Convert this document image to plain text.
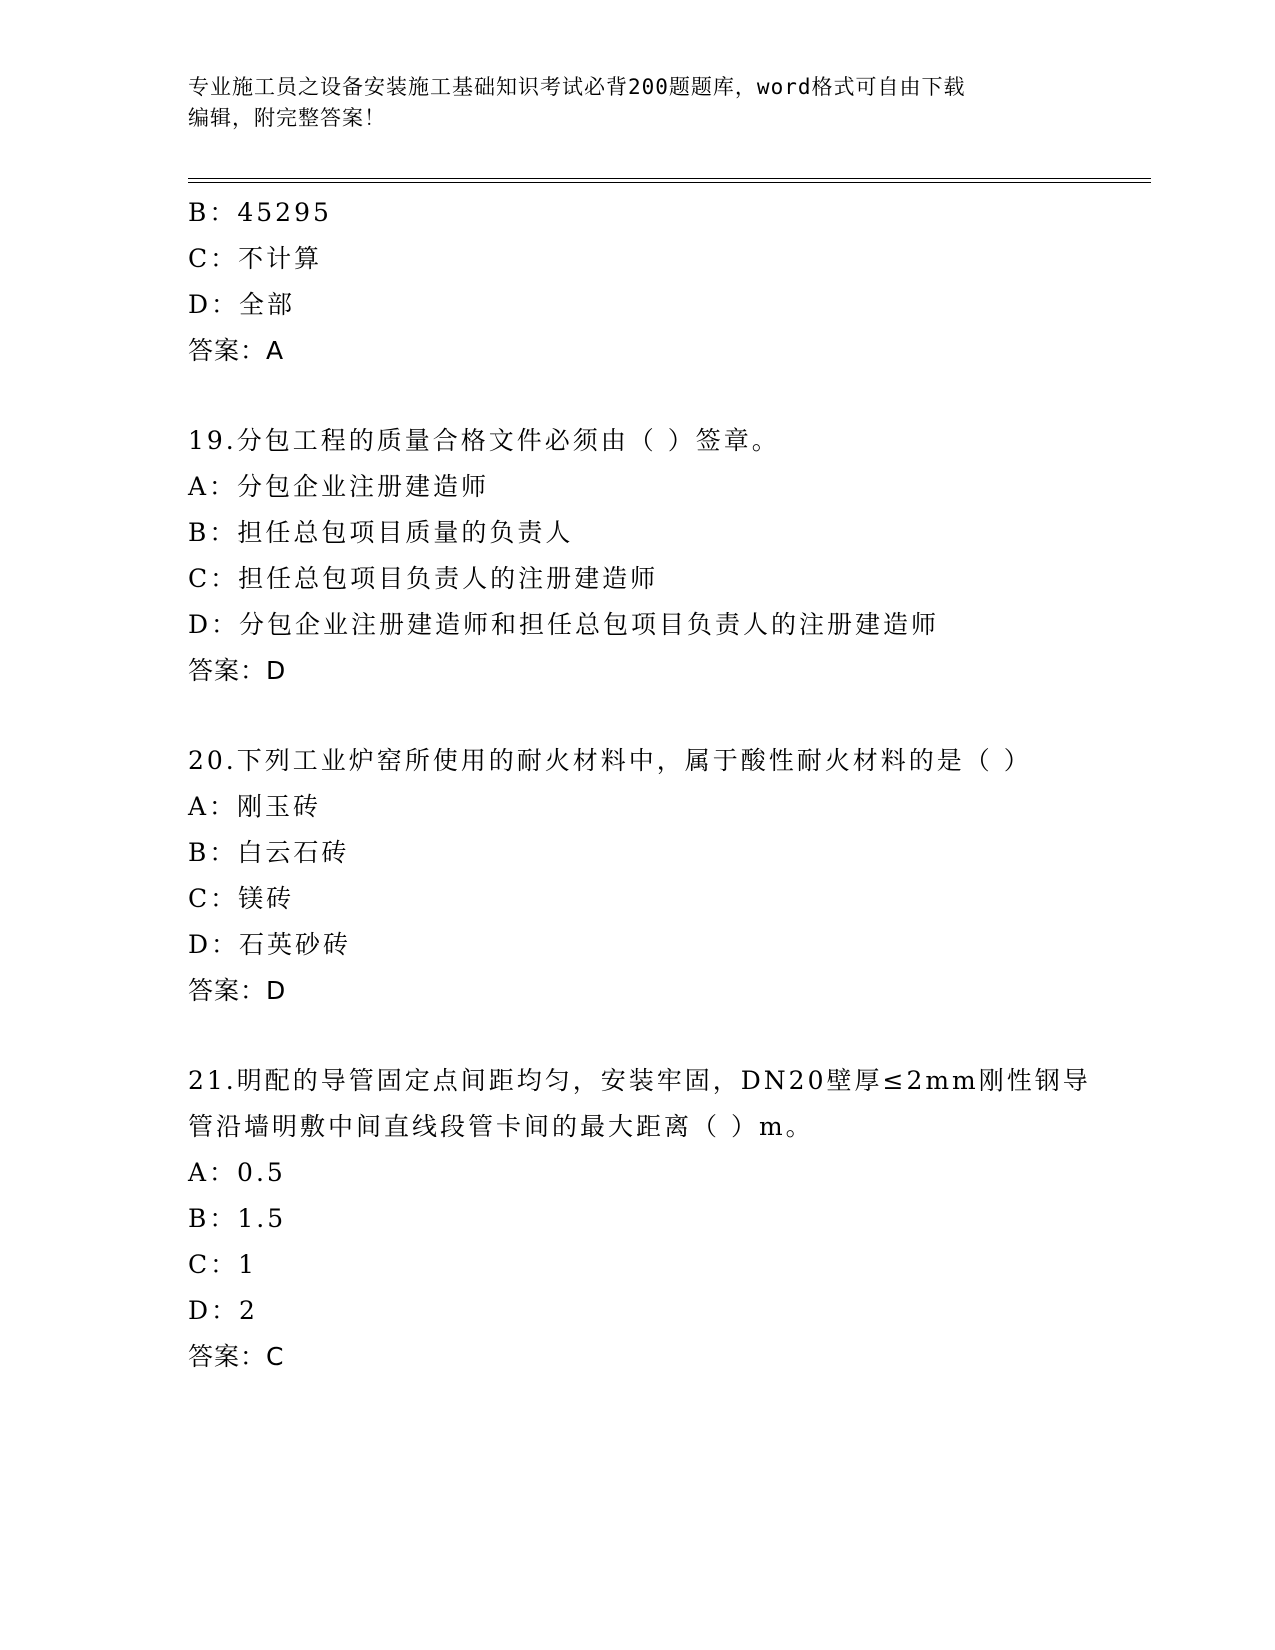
专业施工员之设备安装施工基础知识考试必背200题题库，word格式可自由下载
编辑，附完整答案！
B：45295
C：不计算
D：全部
答案：A
19.分包工程的质量合格文件必须由（ ）签章。
A：分包企业注册建造师
B：担任总包项目质量的负责人
C：担任总包项目负责人的注册建造师
D：分包企业注册建造师和担任总包项目负责人的注册建造师
答案：D
20.下列工业炉窑所使用的耐火材料中，属于酸性耐火材料的是（ ）
A：刚玉砖
B：白云石砖
C：镁砖
D：石英砂砖
答案：D
21.明配的导管固定点间距均匀，安装牢固，DN20壁厚≤2mm刚性钢导
管沿墙明敷中间直线段管卡间的最大距离（ ）m。
A：0.5
B：1.5
C：1
D：2
答案：C
